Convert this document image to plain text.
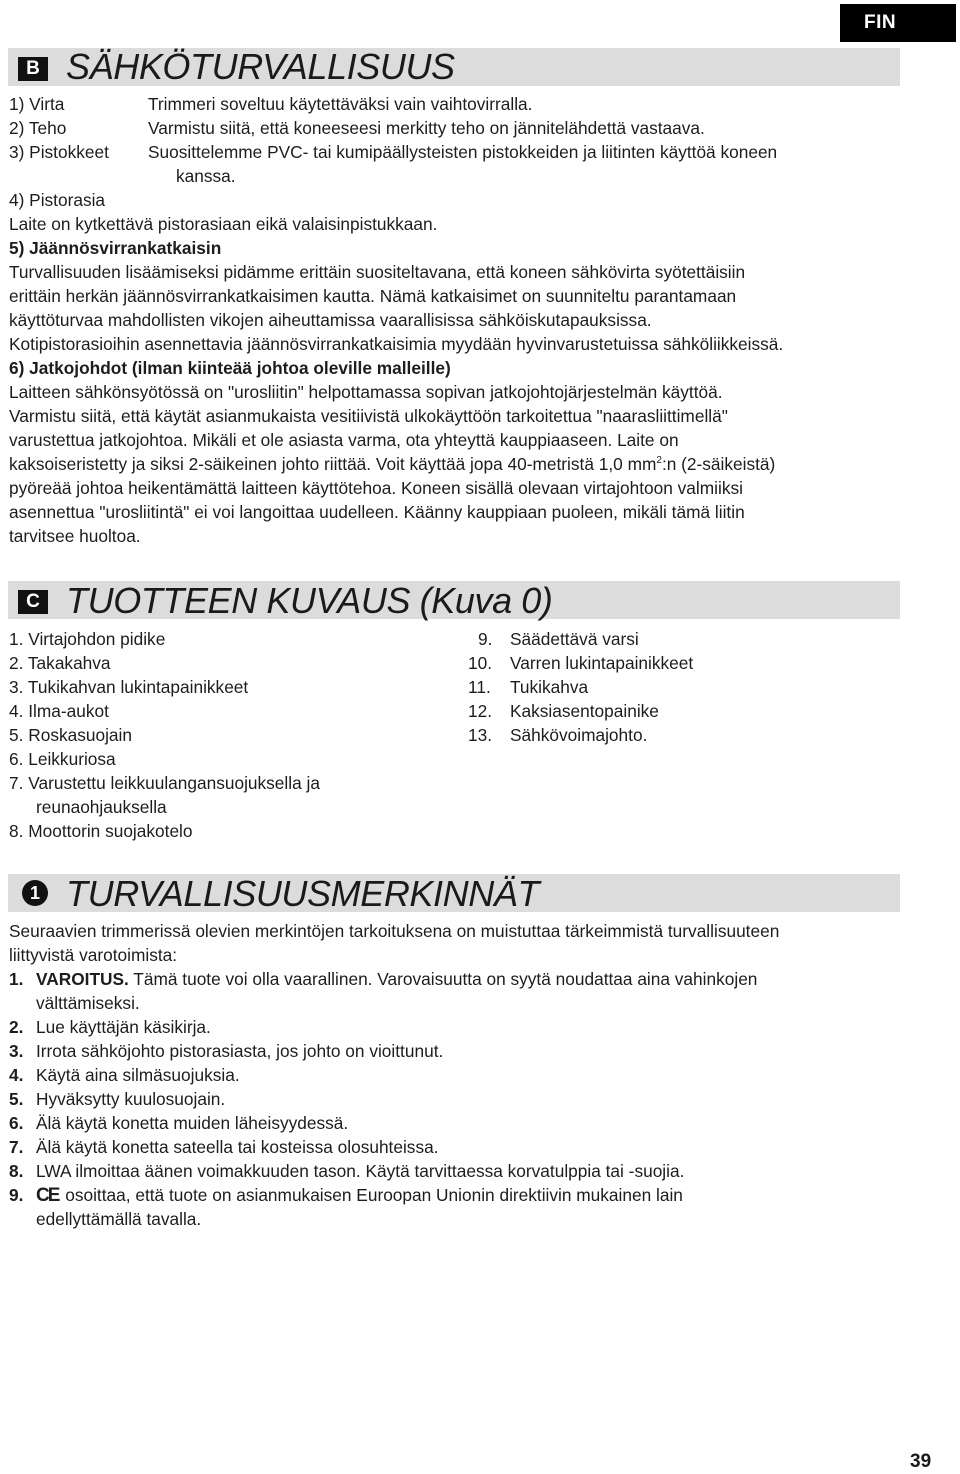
FIN
B SÄHKÖTURVALLISUUS
1) Virta	Trimmeri soveltuu käytettäväksi vain vaihtovirralla.
2) Teho	Varmistu siitä, että koneeseesi merkitty teho on jännitelähdettä vastaava.
3) Pistokkeet Suosittelemme PVC- tai kumipäällysteisten pistokkeiden ja liitinten käyttöä koneen
kanssa.
4) Pistorasia
Laite on kytkettävä pistorasiaan eikä valaisinpistukkaan.
5) Jäännösvirrankatkaisin
Turvallisuuden lisäämiseksi pidämme erittäin suositeltavana, että koneen sähkövirta syötettäisiin
erittäin herkän jäännösvirrankatkaisimen kautta. Nämä katkaisimet on suunniteltu parantamaan
käyttöturvaa mahdollisten vikojen aiheuttamissa vaarallisissa sähköiskutapauksissa.
Kotipistorasioihin asennettavia jäännösvirrankatkaisimia myydään hyvinvarustetuissa sähköliikkeissä.
6) Jatkojohdot (ilman kiinteää johtoa oleville malleille)
Laitteen sähkönsyötössä on "urosliitin" helpottamassa sopivan jatkojohtojärjestelmän käyttöä.
Varmistu siitä, että käytät asianmukaista vesitiivistä ulkokäyttöön tarkoitettua "naarasliittimellä"
varustettua jatkojohtoa. Mikäli et ole asiasta varma, ota yhteyttä kauppiaaseen. Laite on
kaksoiseristetty ja siksi 2-säikeinen johto riittää. Voit käyttää jopa 40-metristä 1,0 $mm^2:n$ (2-säikeistä)
pyöreää johtoa heikentämättä laitteen käyttötehoa. Koneen sisällä olevaan virtajohtoon valmiiksi
asennettua "urosliitintä" ei voi langoittaa uudelleen. Käänny kauppiaan puoleen, mikäli tämä liitin
tarvitsee huoltoa.
C TUOTTEEN KUVAUS (Kuva 0)
1. Virtajohdon pidike
2. Takakahva
3. Tukikahvan lukintapainikkeet
4. Ilma-aukot
5. Roskasuojain
6. Leikkuriosa
7. Varustettu leikkuulangansuojuksella ja
reunaohjauksella
8. Moottorin suojakotelo
9. Säädettävä varsi
10. Varren lukintapainikkeet
11. Tukikahva
12. Kaksiasentopainike
13. Sähkövoimajohto.
1 TURVALLISUUSMERKINNÄT
Seuraavien trimmerissä olevien merkintöjen tarkoituksena on muistuttaa tärkeimmistä turvallisuuteen
liittyvistä varotoimista:
1. VAROITUS. Tämä tuote voi olla vaarallinen. Varovaisuutta on syytä noudattaa aina vahinkojen
välttämiseksi.
2. Lue käyttäjän käsikirja.
3. Irrota sähköjohto pistorasiasta, jos johto on vioittunut.
4. Käytä aina silmäsuojuksia.
5. Hyväksytty kuulosuojain.
6. Älä käytä konetta muiden läheisyydessä.
7. Älä käytä konetta sateella tai kosteissa olosuhteissa.
8. LWA ilmoittaa äänen voimakkuuden tason. Käytä tarvittaessa korvatulppia tai -suojia.
9. CE osoittaa, että tuote on asianmukaisen Euroopan Unionin direktiivin mukainen lain
edellyttämällä tavalla.
39
